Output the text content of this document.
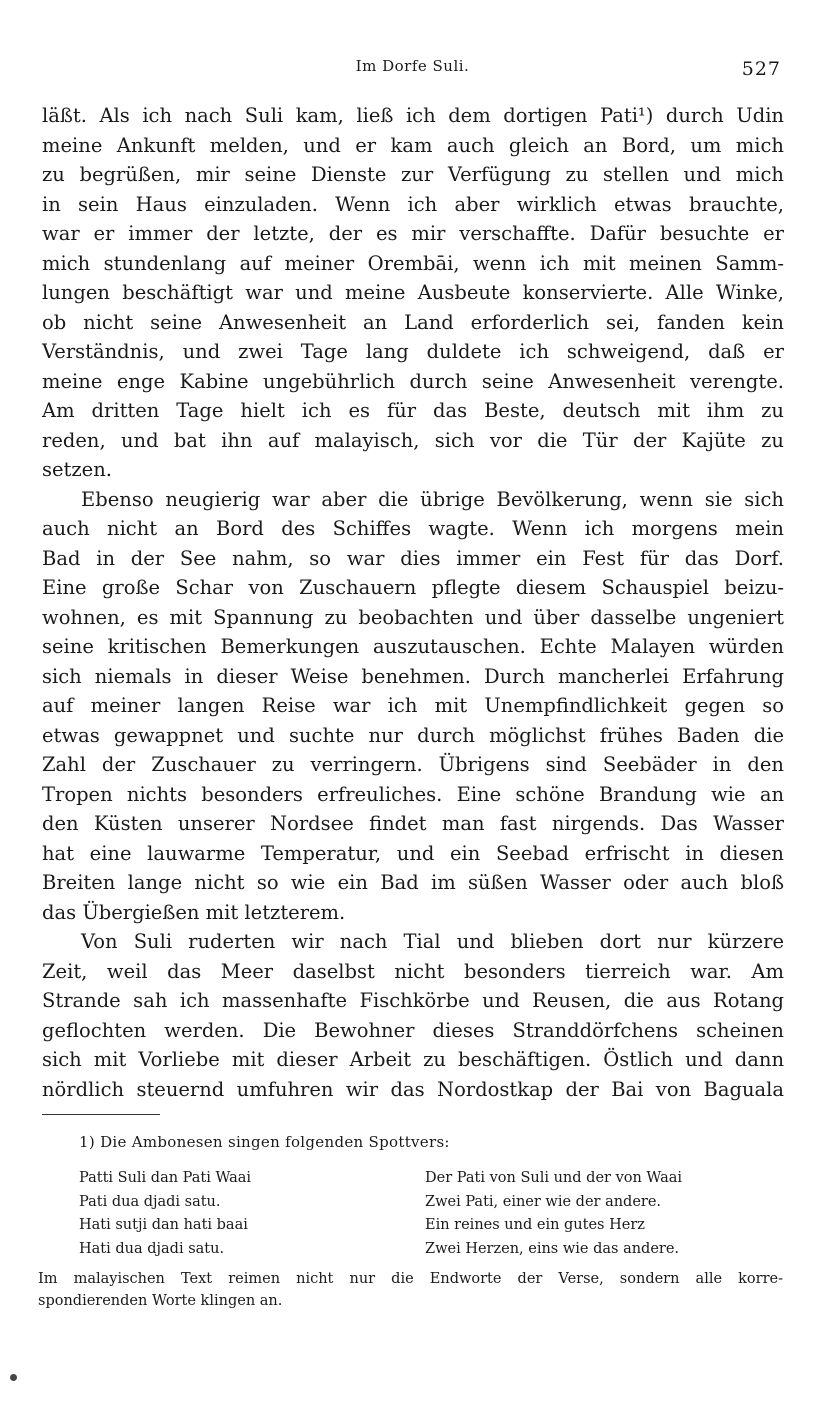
Im Dorfe Suli.	527
läßt. Als ich nach Suli kam, ließ ich dem dortigen Pati¹) durch Udin
meine Ankunft melden, und er kam auch gleich an Bord, um mich
zu begrüßen, mir seine Dienste zur Verfügung zu stellen und mich
in sein Haus einzuladen. Wenn ich aber wirklich etwas brauchte,
war er immer der letzte, der es mir verschaffte. Dafür besuchte er
mich stundenlang auf meiner Orembāi, wenn ich mit meinen Samm-
lungen beschäftigt war und meine Ausbeute konservierte. Alle Winke,
ob nicht seine Anwesenheit an Land erforderlich sei, fanden kein
Verständnis, und zwei Tage lang duldete ich schweigend, daß er
meine enge Kabine ungebührlich durch seine Anwesenheit verengte.
Am dritten Tage hielt ich es für das Beste, deutsch mit ihm zu
reden, und bat ihn auf malayisch, sich vor die Tür der Kajüte zu
setzen.
Ebenso neugierig war aber die übrige Bevölkerung, wenn sie sich
auch nicht an Bord des Schiffes wagte. Wenn ich morgens mein
Bad in der See nahm, so war dies immer ein Fest für das Dorf.
Eine große Schar von Zuschauern pflegte diesem Schauspiel beizu-
wohnen, es mit Spannung zu beobachten und über dasselbe ungeniert
seine kritischen Bemerkungen auszutauschen. Echte Malayen würden
sich niemals in dieser Weise benehmen. Durch mancherlei Erfahrung
auf meiner langen Reise war ich mit Unempfindlichkeit gegen so
etwas gewappnet und suchte nur durch möglichst frühes Baden die
Zahl der Zuschauer zu verringern. Übrigens sind Seebäder in den
Tropen nichts besonders erfreuliches. Eine schöne Brandung wie an
den Küsten unserer Nordsee findet man fast nirgends. Das Wasser
hat eine lauwarme Temperatur, und ein Seebad erfrischt in diesen
Breiten lange nicht so wie ein Bad im süßen Wasser oder auch bloß
das Übergießen mit letzterem.
Von Suli ruderten wir nach Tial und blieben dort nur kürzere
Zeit, weil das Meer daselbst nicht besonders tierreich war. Am
Strande sah ich massenhafte Fischkörbe und Reusen, die aus Rotang
geflochten werden. Die Bewohner dieses Stranddörfchens scheinen
sich mit Vorliebe mit dieser Arbeit zu beschäftigen. Östlich und dann
nördlich steuernd umfuhren wir das Nordostkap der Bai von Baguala
1) Die Ambonesen singen folgenden Spottvers:
Patti Suli dan Pati Waai
Pati dua djadi satu.
Hati sutji dan hati baai
Hati dua djadi satu.
Der Pati von Suli und der von Waai
Zwei Pati, einer wie der andere.
Ein reines und ein gutes Herz
Zwei Herzen, eins wie das andere.
Im malayischen Text reimen nicht nur die Endworte der Verse, sondern alle korre-
spondierenden Worte klingen an.
